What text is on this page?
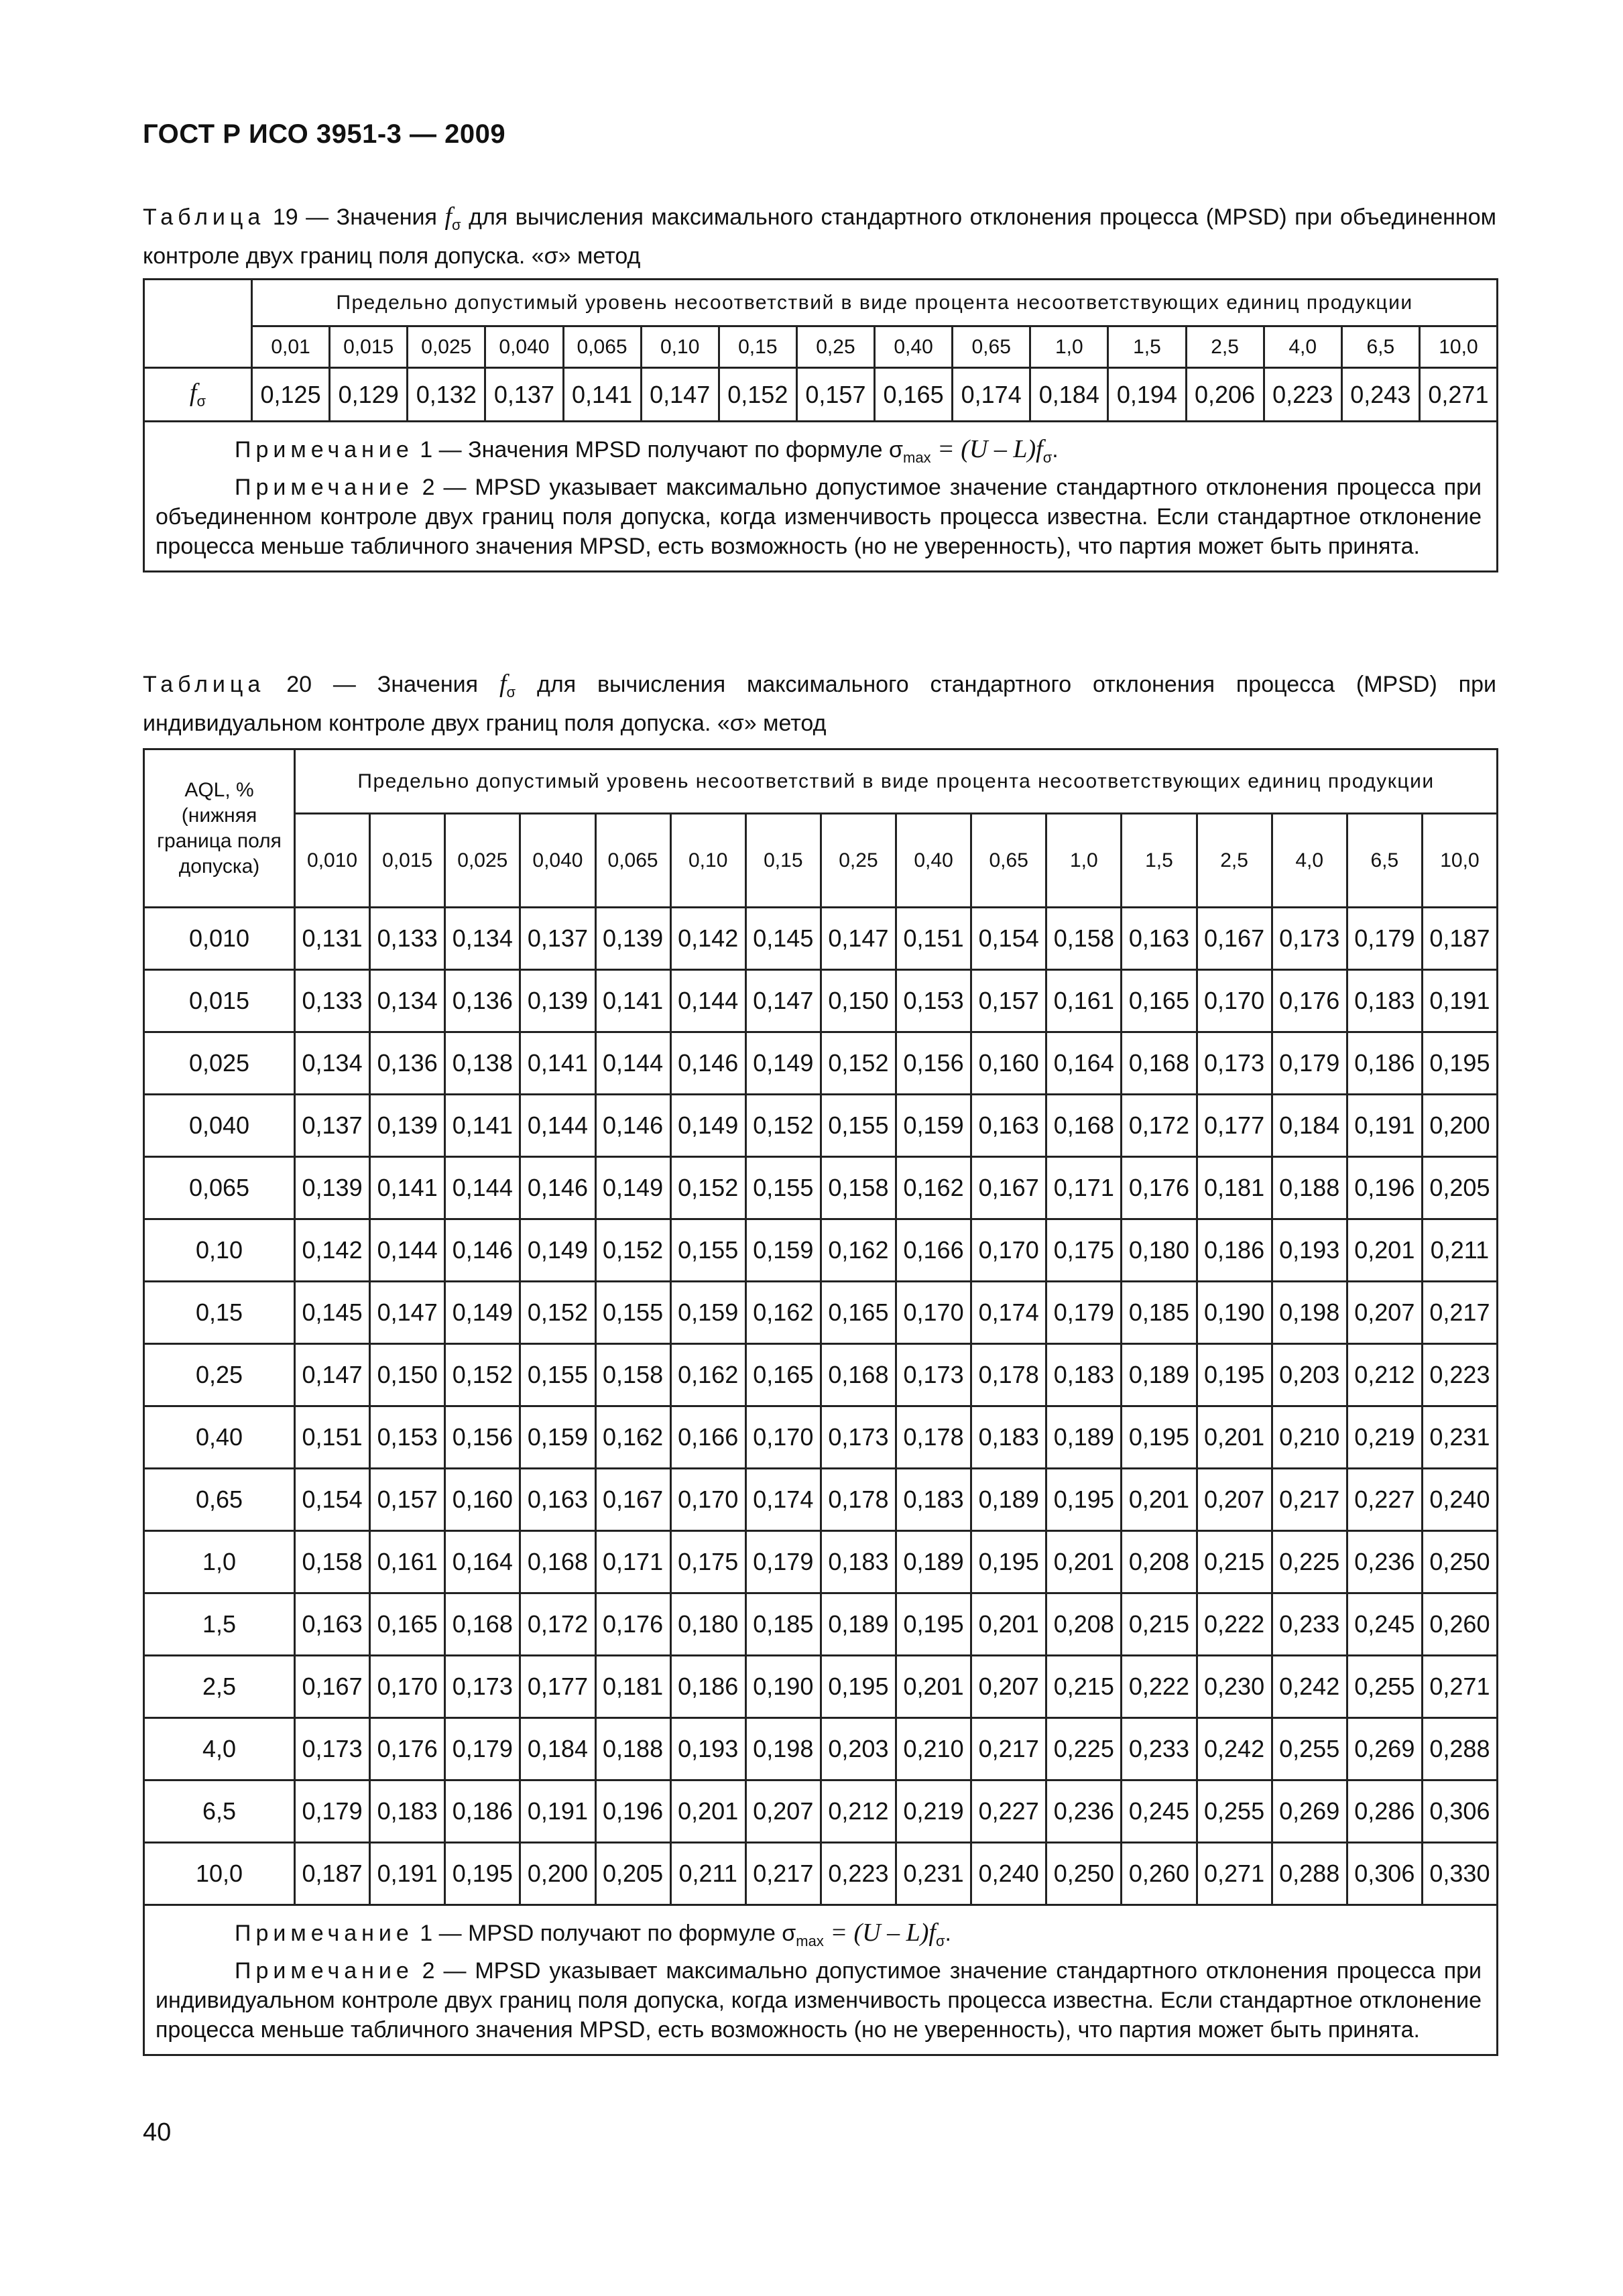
ГОСТ Р ИСО 3951-3 — 2009
Таблица 19 — Значения $f_\sigma$ для вычисления максимального стандартного отклонения процесса (MPSD) при объединенном контроле двух границ поля допуска. «σ» метод
	Предельно допустимый уровень несоответствий в виде процента несоответствующих единиц продукции															
	0,01	0,015	0,025	0,040	0,065	0,10	0,15	0,25	0,40	0,65	1,0	1,5	2,5	4,0	6,5	10,0
$f_\sigma$	0,125	0,129	0,132	0,137	0,141	0,147	0,152	0,157	0,165	0,174	0,184	0,194	0,206	0,223	0,243	0,271

Примечание 1 — Значения MPSD получают по формуле $\sigma_{max} = (U - L)f_\sigma$.
Примечание 2 — MPSD указывает максимально допустимое значение стандартного отклонения процесса при объединенном контроле двух границ поля допуска, когда изменчивость процесса известна. Если стандартное отклонение процесса меньше табличного значения MPSD, есть возможность (но не уверенность), что партия может быть принята.																
Таблица 20 — Значения $f_\sigma$ для вычисления максимального стандартного отклонения процесса (MPSD) при индивидуальном контроле двух границ поля допуска. «σ» метод
AQL, % (нижняя граница поля допуска)	Предельно допустимый уровень несоответствий в виде процента несоответствующих единиц продукции															
	0,010	0,015	0,025	0,040	0,065	0,10	0,15	0,25	0,40	0,65	1,0	1,5	2,5	4,0	6,5	10,0
0,010	0,131	0,133	0,134	0,137	0,139	0,142	0,145	0,147	0,151	0,154	0,158	0,163	0,167	0,173	0,179	0,187
0,015	0,133	0,134	0,136	0,139	0,141	0,144	0,147	0,150	0,153	0,157	0,161	0,165	0,170	0,176	0,183	0,191
0,025	0,134	0,136	0,138	0,141	0,144	0,146	0,149	0,152	0,156	0,160	0,164	0,168	0,173	0,179	0,186	0,195
0,040	0,137	0,139	0,141	0,144	0,146	0,149	0,152	0,155	0,159	0,163	0,168	0,172	0,177	0,184	0,191	0,200
0,065	0,139	0,141	0,144	0,146	0,149	0,152	0,155	0,158	0,162	0,167	0,171	0,176	0,181	0,188	0,196	0,205
0,10	0,142	0,144	0,146	0,149	0,152	0,155	0,159	0,162	0,166	0,170	0,175	0,180	0,186	0,193	0,201	0,211
0,15	0,145	0,147	0,149	0,152	0,155	0,159	0,162	0,165	0,170	0,174	0,179	0,185	0,190	0,198	0,207	0,217
0,25	0,147	0,150	0,152	0,155	0,158	0,162	0,165	0,168	0,173	0,178	0,183	0,189	0,195	0,203	0,212	0,223
0,40	0,151	0,153	0,156	0,159	0,162	0,166	0,170	0,173	0,178	0,183	0,189	0,195	0,201	0,210	0,219	0,231
0,65	0,154	0,157	0,160	0,163	0,167	0,170	0,174	0,178	0,183	0,189	0,195	0,201	0,207	0,217	0,227	0,240
1,0	0,158	0,161	0,164	0,168	0,171	0,175	0,179	0,183	0,189	0,195	0,201	0,208	0,215	0,225	0,236	0,250
1,5	0,163	0,165	0,168	0,172	0,176	0,180	0,185	0,189	0,195	0,201	0,208	0,215	0,222	0,233	0,245	0,260
2,5	0,167	0,170	0,173	0,177	0,181	0,186	0,190	0,195	0,201	0,207	0,215	0,222	0,230	0,242	0,255	0,271
4,0	0,173	0,176	0,179	0,184	0,188	0,193	0,198	0,203	0,210	0,217	0,225	0,233	0,242	0,255	0,269	0,288
6,5	0,179	0,183	0,186	0,191	0,196	0,201	0,207	0,212	0,219	0,227	0,236	0,245	0,255	0,269	0,286	0,306
10,0	0,187	0,191	0,195	0,200	0,205	0,211	0,217	0,223	0,231	0,240	0,250	0,260	0,271	0,288	0,306	0,330

Примечание 1 — MPSD получают по формуле $\sigma_{max} = (U - L)f_\sigma$.
Примечание 2 — MPSD указывает максимально допустимое значение стандартного отклонения процесса при индивидуальном контроле двух границ поля допуска, когда изменчивость процесса известна. Если стандартное отклонение процесса меньше табличного значения MPSD, есть возможность (но не уверенность), что партия может быть принята.																
40
